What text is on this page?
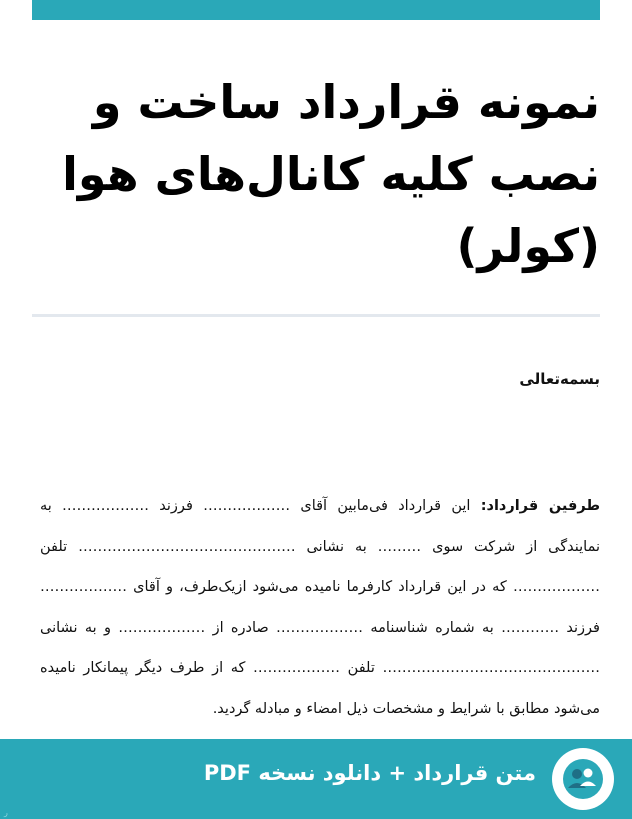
نمونه قرارداد ساخت و نصب کلیه کانال‌های هوا (کولر)

بسمه‌تعالی

طرفین قرارداد: این قرارداد فی‌مابین آقای ……………… فرزند ……………… به نمایندگی از شرکت سوی ……… به نشانی ……………………………………… تلفن ……………… که در این قرارداد کارفرما نامیده می‌شود ازیک‌طرف، و آقای ……………… فرزند ………… به شماره شناسنامه ……………… صادره از ……………… و به نشانی ……………………………………… تلفن ……………… که از طرف دیگر پیمانکار نامیده می‌شود مطابق با شرایط و مشخصات ذیل امضاء و مبادله گردید.

متن قرارداد + دانلود نسخه PDF
ر
